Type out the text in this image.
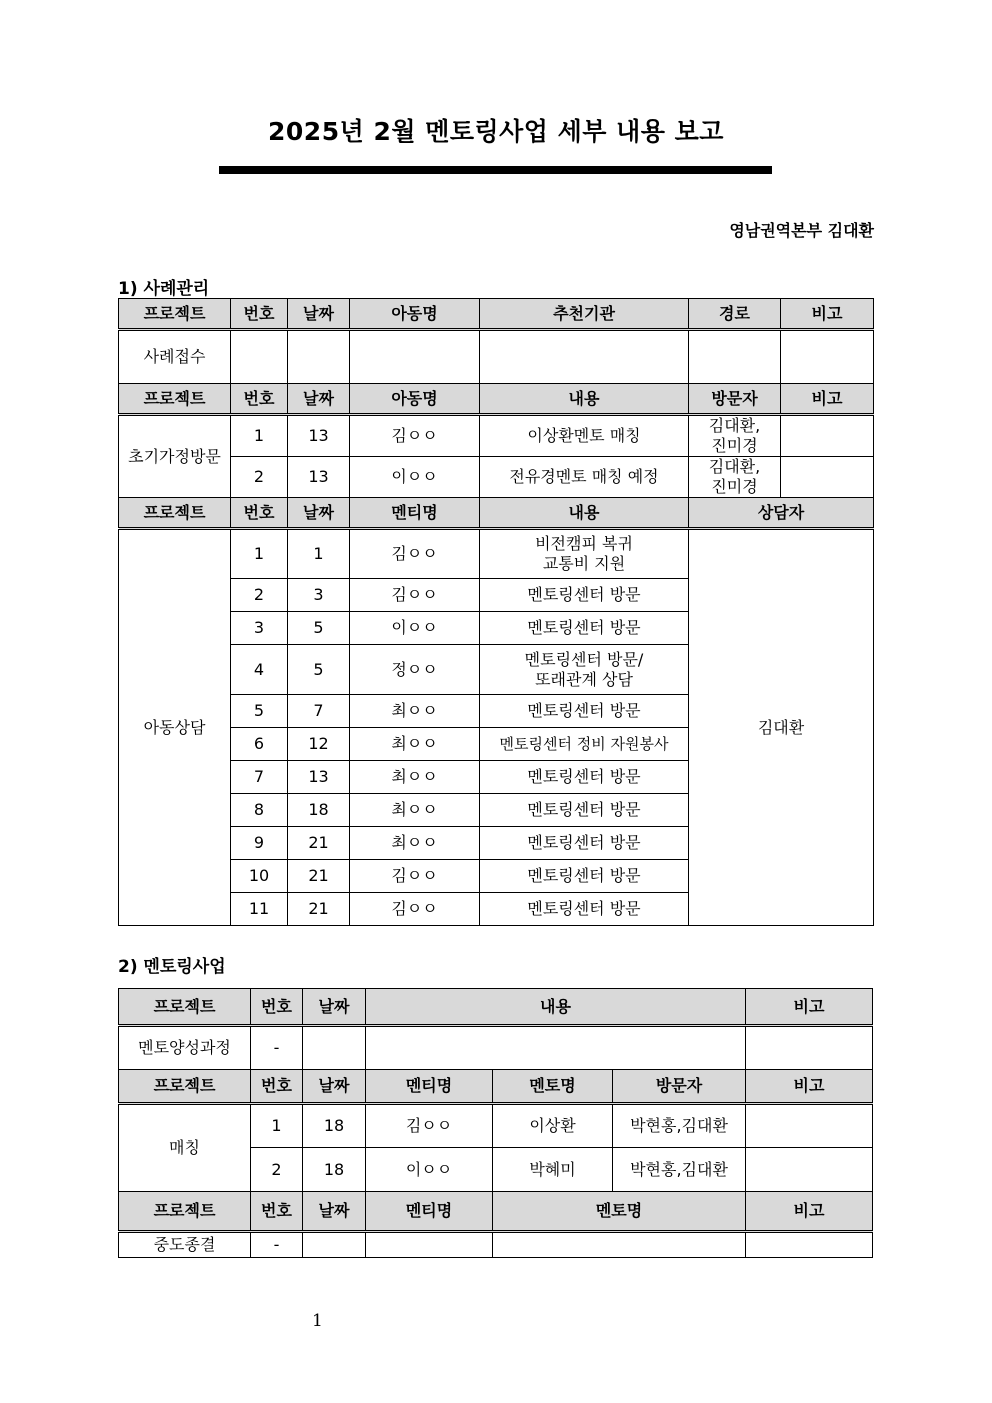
2025년 2월 멘토링사업 세부 내용 보고
영남권역본부 김대환
1) 사례관리
프로젝트	번호	날짜	아동명	추천기관	경로	비고
사례접수						
프로젝트	번호	날짜	아동명	내용	방문자	비고
초기가정방문	1	13	김ㅇㅇ	이상환멘토 매칭	김대환,
진미경	

	2	13	이ㅇㅇ	전유경멘토 매칭 예정	김대환,
진미경	

프로젝트	번호	날짜	멘티명	내용	상담자	
아동상담	1	1	김ㅇㅇ	비전캠피 복귀
교통비 지원	김대환	
	2	3	김ㅇㅇ	멘토링센터 방문		
	3	5	이ㅇㅇ	멘토링센터 방문		
	4	5	정ㅇㅇ	멘토링센터 방문/
또래관계 상담		

	5	7	최ㅇㅇ	멘토링센터 방문		
	6	12	최ㅇㅇ	멘토링센터 정비 자원봉사		
	7	13	최ㅇㅇ	멘토링센터 방문		
	8	18	최ㅇㅇ	멘토링센터 방문		
	9	21	최ㅇㅇ	멘토링센터 방문		
	10	21	김ㅇㅇ	멘토링센터 방문		
	11	21	김ㅇㅇ	멘토링센터 방문		
2) 멘토링사업
프로젝트	번호	날짜	내용			비고
멘토양성과정	-					
프로젝트	번호	날짜	멘티명	멘토명	방문자	비고
매칭	1	18	김ㅇㅇ	이상환	박현홍,김대환	
	2	18	이ㅇㅇ	박혜미	박현홍,김대환	
프로젝트	번호	날짜	멘티명	멘토명		비고
중도종결	-					
1
